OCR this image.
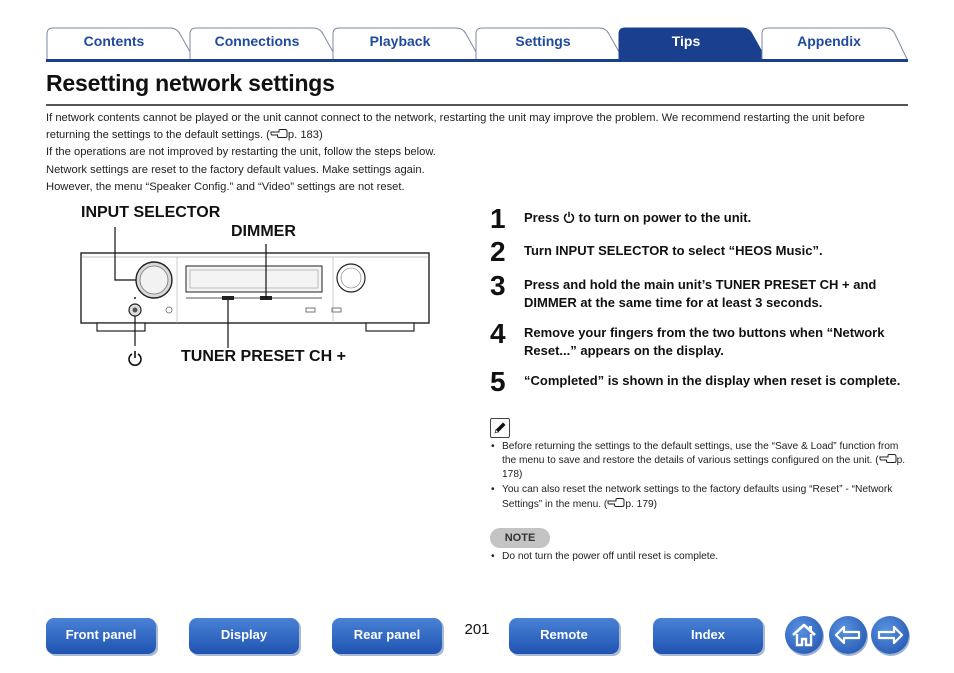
Contents	Connections	Playback	Settings	Tips	Appendix
Resetting network settings

If network contents cannot be played or the unit cannot connect to the network, restarting the unit may improve the problem. We recommend restarting the unit before returning the settings to the default settings. ( p. 183)

If the operations are not improved by restarting the unit, follow the steps below.

Network settings are reset to the factory default values. Make settings again.

However, the menu “Speaker Config.” and “Video” settings are not reset.

INPUT SELECTOR
DIMMER
TUNER PRESET CH +
1 Press  to turn on power to the unit.
2 Turn INPUT SELECTOR to select “HEOS Music”.
3 Press and hold the main unit’s TUNER PRESET CH + and DIMMER at the same time for at least 3 seconds.
4 Remove your fingers from the two buttons when “Network Reset...” appears on the display.
5 “Completed” is shown in the display when reset is complete.
• Before returning the settings to the default settings, use the “Save & Load” function from the menu to save and restore the details of various settings configured on the unit. ( p. 178)
• You can also reset the network settings to the factory defaults using “Reset” - “Network Settings” in the menu. ( p. 179)
NOTE
• Do not turn the power off until reset is complete.
Front panel	Display	Rear panel	201	Remote	Index
